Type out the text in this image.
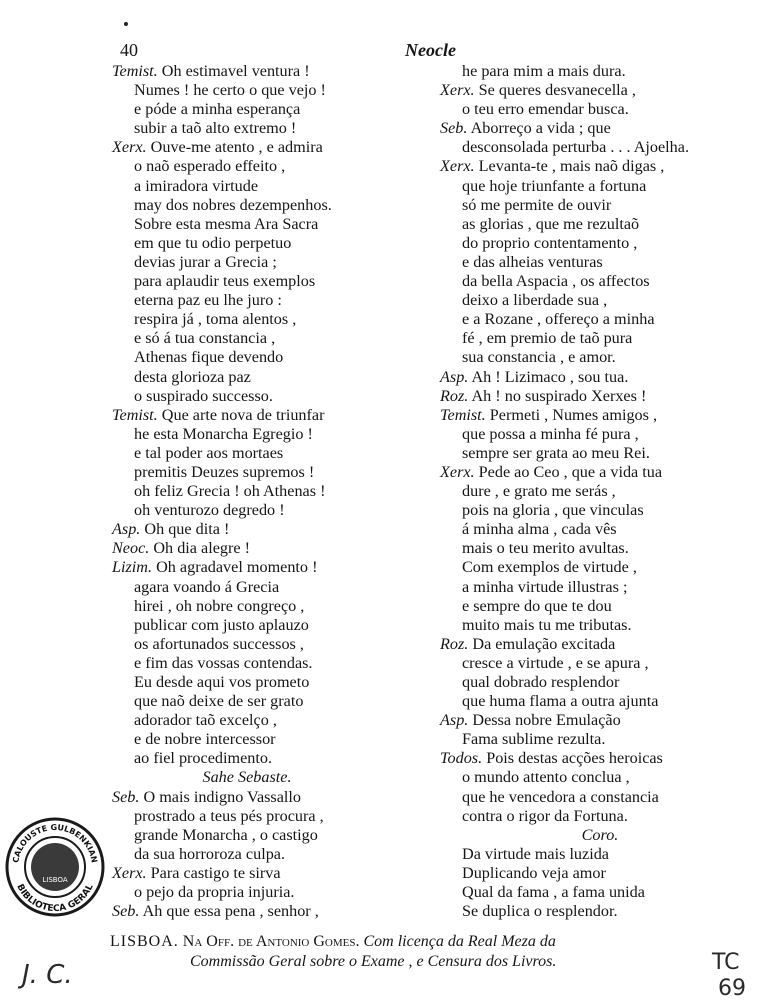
40	Neocle
Temist. Oh estimavel ventura !
Numes ! he certo o que vejo !
e póde a minha esperança
subir a taõ alto extremo !
Xerx. Ouve-me atento , e admira
o naõ esperado effeito ,
a imiradora virtude
may dos nobres dezempenhos.
Sobre esta mesma Ara Sacra
em que tu odio perpetuo
devias jurar a Grecia ;
para aplaudir teus exemplos
eterna paz eu lhe juro :
respira já , toma alentos ,
e só á tua constancia ,
Athenas fique devendo
desta glorioza paz
o suspirado successo.
Temist. Que arte nova de triunfar
he esta Monarcha Egregio !
e tal poder aos mortaes
premitis Deuzes supremos !
oh feliz Grecia ! oh Athenas !
oh venturozo degredo !
Asp. Oh que dita !
Neoc. Oh dia alegre !
Lizim. Oh agradavel momento !
agara voando á Grecia
hirei , oh nobre congreço ,
publicar com justo aplauzo
os afortunados successos ,
e fim das vossas contendas.
Eu desde aqui vos prometo
que naõ deixe de ser grato
adorador taõ excelço ,
e de nobre intercessor
ao fiel procedimento.
Sahe Sebaste.
Seb. O mais indigno Vassallo
prostrado a teus pés procura ,
grande Monarcha , o castigo
da sua horroroza culpa.
Xerx. Para castigo te sirva
o pejo da propria injuria.
Seb. Ah que essa pena , senhor ,
he para mim a mais dura.
Xerx. Se queres desvanecella ,
o teu erro emendar busca.
Seb. Aborreço a vida ; que
desconsolada perturba . . . Ajoelha.
Xerx. Levanta-te , mais naõ digas ,
que hoje triunfante a fortuna
só me permite de ouvir
as glorias , que me rezultaõ
do proprio contentamento ,
e das alheias venturas
da bella Aspacia , os affectos
deixo a liberdade sua ,
e a Rozane , offereço a minha
fé , em premio de taõ pura
sua constancia , e amor.
Asp. Ah ! Lizimaco , sou tua.
Roz. Ah ! no suspirado Xerxes !
Temist. Permeti , Numes amigos ,
que possa a minha fé pura ,
sempre ser grata ao meu Rei.
Xerx. Pede ao Ceo , que a vida tua
dure , e grato me serás ,
pois na gloria , que vinculas
á minha alma , cada vês
mais o teu merito avultas.
Com exemplos de virtude ,
a minha virtude illustras ;
e sempre do que te dou
muito mais tu me tributas.
Roz. Da emulação excitada
cresce a virtude , e se apura ,
qual dobrado resplendor
que huma flama a outra ajunta
Asp. Dessa nobre Emulação
Fama sublime rezulta.
Todos. Pois destas acções heroicas
o mundo attento conclua ,
que he vencedora a constancia
contra o rigor da Fortuna.
Coro.
Da virtude mais luzida
Duplicando veja amor
Qual da fama , a fama unida
Se duplica o resplendor.
CALOUSTE GULBENKIAN
BIBLIOTECA GERAL
LISBOA
LISBOA. Na Off. de Antonio Gomes. Com licença da Real Meza da
Commissão Geral sobre o Exame , e Censura dos Livros.	TC
69
J. C.
